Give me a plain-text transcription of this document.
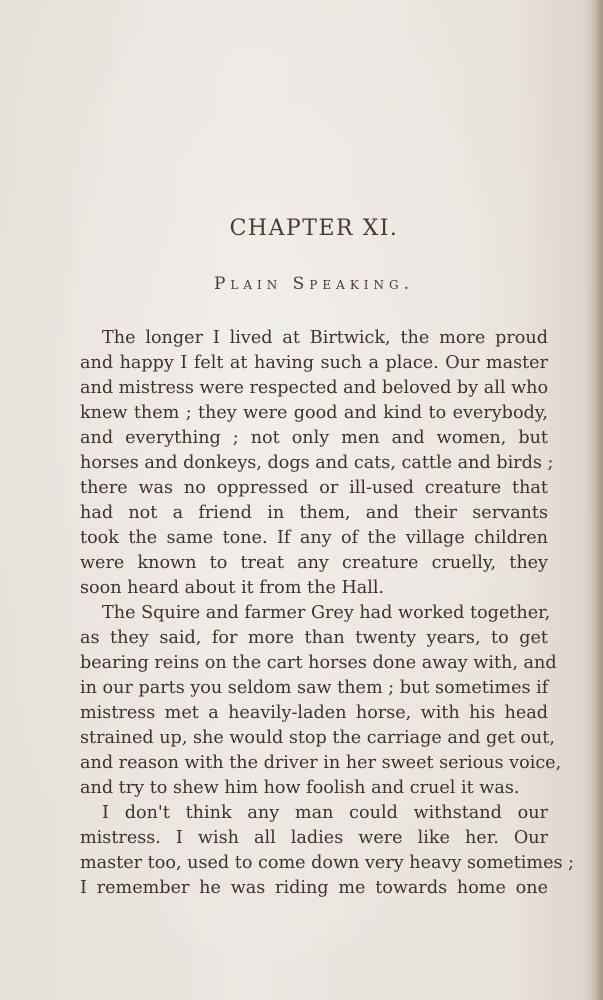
CHAPTER XI.
Plain Speaking.
The longer I lived at Birtwick, the more proud
and happy I felt at having such a place. Our master
and mistress were respected and beloved by all who
knew them ; they were good and kind to everybody,
and everything ; not only men and women, but
horses and donkeys, dogs and cats, cattle and birds ;
there was no oppressed or ill-used creature that
had not a friend in them, and their servants
took the same tone. If any of the village children
were known to treat any creature cruelly, they
soon heard about it from the Hall.
The Squire and farmer Grey had worked together,
as they said, for more than twenty years, to get
bearing reins on the cart horses done away with, and
in our parts you seldom saw them ; but sometimes if
mistress met a heavily-laden horse, with his head
strained up, she would stop the carriage and get out,
and reason with the driver in her sweet serious voice,
and try to shew him how foolish and cruel it was.
I don't think any man could withstand our
mistress. I wish all ladies were like her. Our
master too, used to come down very heavy sometimes ;
I remember he was riding me towards home one
